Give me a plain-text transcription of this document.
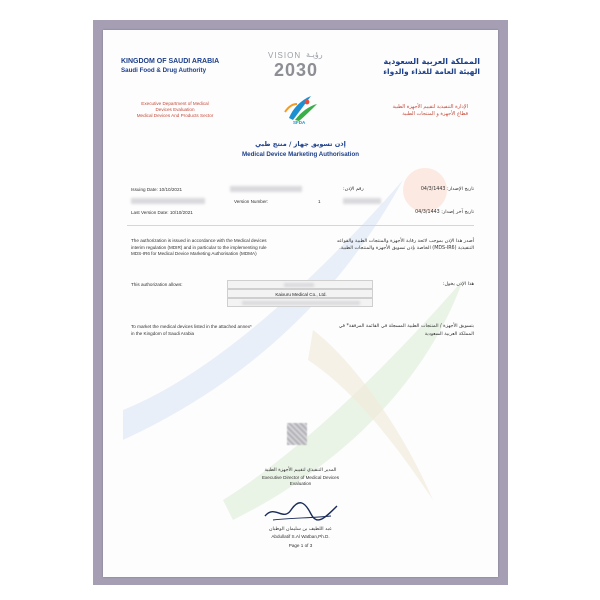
KINGDOM OF SAUDI ARABIA
Saudi Food & Drug Authority
VISION رؤيـة
2030	المملكة العربية السعودية
الهيئة العامة للغذاء والدواء
SFDA
Executive Department of Medical
Devices Evaluation
Medical Devices And Products Sector
الإدارة التنفيذية لتقييم الأجهزة الطبية
قطاع الأجهزة و المنتجات الطبية
إذن تسويق جهاز / منتج طبي
Medical Device Marketing Authorisation
Issuing Date: 10/10/2021	رقم الإذن:	تاريخ الإصدار: 04/3/1443
Version Number:	1
Last Version Date: 10/10/2021	تاريخ آخر إصدار: 04/3/1443
The authorization is issued in accordance with the Medical devices interim regulation (MDIR) and in particular to the implementing rule MDS-IR6 for Medical Device Marketing Authorisation (MDMA)
أصدر هذا الإذن بموجب لائحة رقابة الأجهزة والمنتجات الطبية والقواعد التنفيذية (MDS-IR6) الخاصة بإذن تسويق الأجهزة والمنتجات الطبية.
This authorization allows:	هذا الإذن يخول:
Kaixuru Medical Co., Ltd.
To market the medical devices listed in the attached annex*
in the Kingdom of Saudi Arabia
بتسويق الأجهزة / المنتجات الطبية المسجلة في القائمة المرفقة* في
المملكة العربية السعودية
المدير التنفيذي لتقييم الأجهزة الطبية
Executive Director of Medical Devices
Evaluation
عبد اللطيف بن سليمان الوطبان
Abdullatif S.Al Watban,Ph.D.
Page 1 of 3
